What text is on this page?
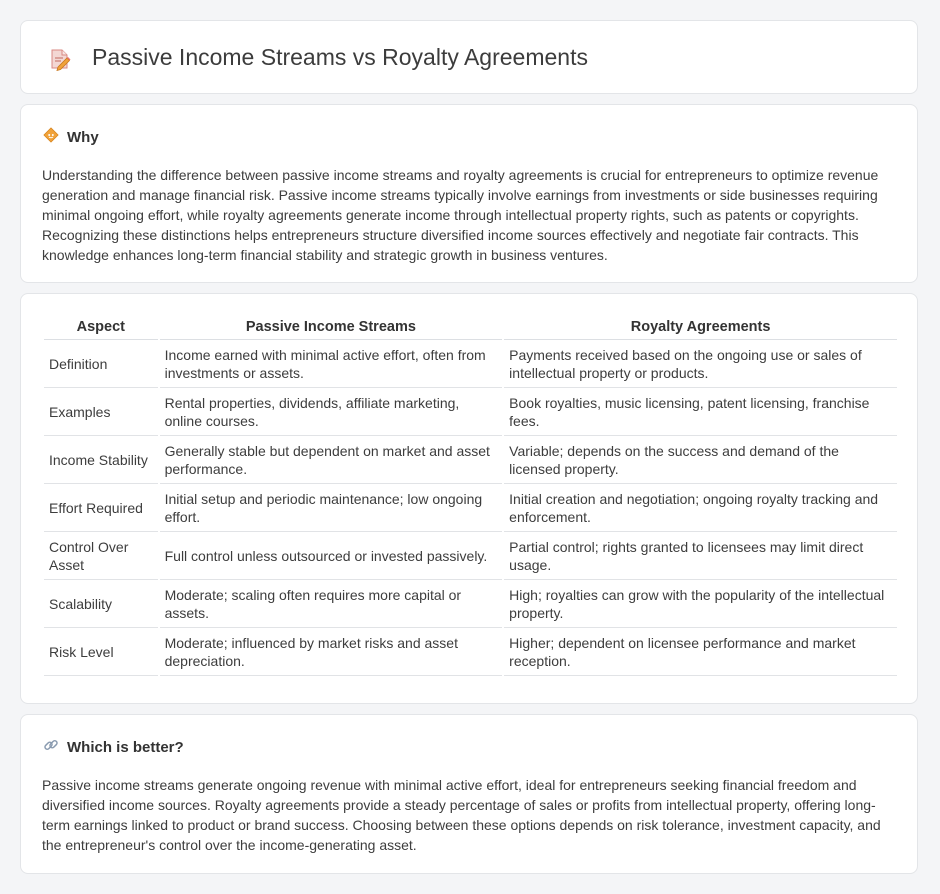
Passive Income Streams vs Royalty Agreements
Why

Understanding the difference between passive income streams and royalty agreements is crucial for entrepreneurs to optimize revenue generation and manage financial risk. Passive income streams typically involve earnings from investments or side businesses requiring minimal ongoing effort, while royalty agreements generate income through intellectual property rights, such as patents or copyrights. Recognizing these distinctions helps entrepreneurs structure diversified income sources effectively and negotiate fair contracts. This knowledge enhances long-term financial stability and strategic growth in business ventures.

Aspect	Passive Income Streams	Royalty Agreements
Definition	Income earned with minimal active effort, often from investments or assets.	Payments received based on the ongoing use or sales of intellectual property or products.
Examples	Rental properties, dividends, affiliate marketing, online courses.	Book royalties, music licensing, patent licensing, franchise fees.
Income Stability	Generally stable but dependent on market and asset performance.	Variable; depends on the success and demand of the licensed property.
Effort Required	Initial setup and periodic maintenance; low ongoing effort.	Initial creation and negotiation; ongoing royalty tracking and enforcement.
Control Over Asset	Full control unless outsourced or invested passively.	Partial control; rights granted to licensees may limit direct usage.
Scalability	Moderate; scaling often requires more capital or assets.	High; royalties can grow with the popularity of the intellectual property.
Risk Level	Moderate; influenced by market risks and asset depreciation.	Higher; dependent on licensee performance and market reception.
Which is better?

Passive income streams generate ongoing revenue with minimal active effort, ideal for entrepreneurs seeking financial freedom and diversified income sources. Royalty agreements provide a steady percentage of sales or profits from intellectual property, offering long-term earnings linked to product or brand success. Choosing between these options depends on risk tolerance, investment capacity, and the entrepreneur's control over the income-generating asset.
